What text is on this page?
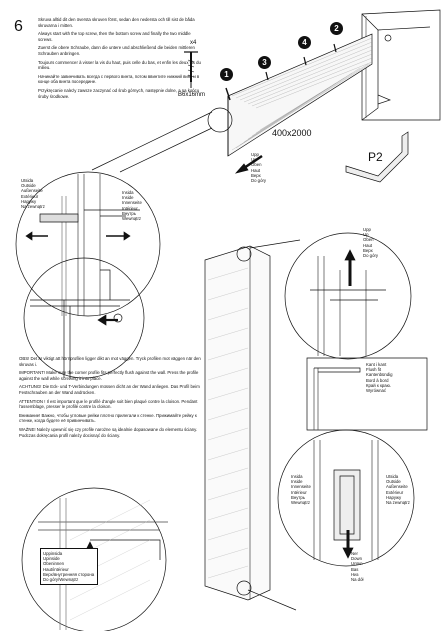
6	Skruva alltid dit den översta skruven först, sedan den nedersta och till sist de båda skruvarna i mitten.

Always start with the top screw, then the bottom screw and finally the two middle screws.

Zuerst die obere Schraube, dann die untere und abschließend die beiden mittleren Schrauben anbringen.

Toujours commencer à visser la vis du haut, puis celle du bas, et enfin les deux vis du milieu.

Начинайте завинчивать всегда с первого винта, потом ввинтите нижний винт и в конце оба винта посередине.

Przykręcanie należy zawsze zaczynać od śrub górnych, następnie dolne, a na końcu śruby środkowe.

x4
B6x16mm
1
2
3
4
400x2000
P2
Upp
Up
Oben
Haut
Верх
Do góry
Utsida
Outside
Außenseite
Extérieur
Наружу
Na zewnątrz
Insida
Inside
Innenseite
Intérieur
Внутрь
Wewnątrz
Upp
Up
Oben
Haut
Верх
Do góry

OBS! Det är viktigt att hörnprofilen ligger dikt an mot väggen. Tryck profilen mot väggen när den skruvas i.

IMPORTANT! Make sure the corner profile fits perfectly flush against the wall. Press the profile against the wall while screwing it into place.

ACHTUNG! Die Eck- und T-Verbindungen müssen dicht an der Wand anliegen. Das Profil beim Festschrauben an der Wand andrücken.

ATTENTION ! Il est important que le profilé d'angle soit bien plaqué contre la cloison. Pendant l'assemblage, presser le profilé contre la cloison.

Внимание! Важно, чтобы угловые рейки плотно прилегали к стенке. Прижимайте рейку к стенке, когда будете её привинчивать.

WAŻNE! Należy upewnić się czy profile narożne są idealnie dopasowane do elementu ściany. Podczas dokręcania profil należy docisnąć do ściany.

Kant i kant
Flush fit
Kantenbündig
Bord à bord
Край к краю.
Wyrównać
Insida
Inside
Innenseite
Intérieur
Внутрь
Wewnątrz
Utsida
Outside
Außenseite
Extérieur
Наружу
Na zewnątrz
Ner
Down
Unten
Bas
Низ
Na dół
Uppinsida
Upinside
Obeninnen
Haut/intérieur
Верх/внутренняя сторона
Do góry/Wewnątrz
